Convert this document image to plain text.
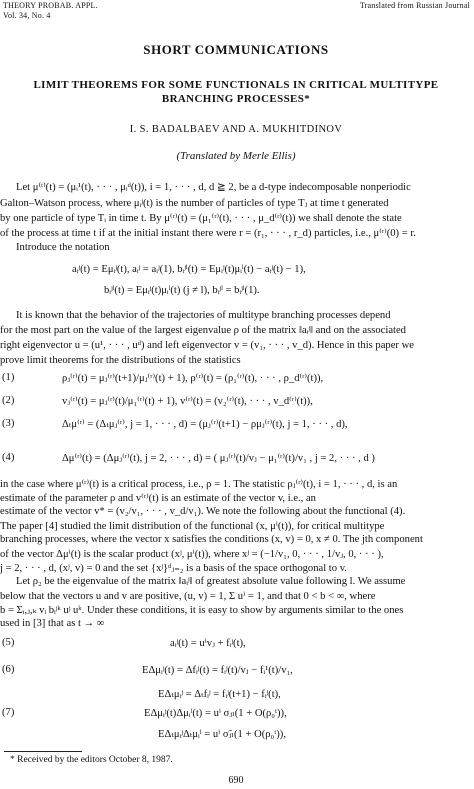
THEORY PROBAB. APPL.
Vol. 34, No. 4
Translated from Russian Journal
SHORT COMMUNICATIONS
LIMIT THEOREMS FOR SOME FUNCTIONALS IN CRITICAL MULTITYPE
BRANCHING PROCESSES*
I. S. BADALBAEV AND A. MUKHITDINOV
(Translated by Merle Ellis)
Let μ⁽ᵗ⁾(t) = (μᵢ¹(t), · · · , μᵢᵈ(t)), i = 1, · · · , d, d ≧ 2, be a d-type indecomposable nonperiodic
Galton–Watson process, where μᵢʲ(t) is the number of particles of type Tⱼ at time t generated
by one particle of type Tᵢ in time t. By μ⁽ʳ⁾(t) = (μ₁⁽ʳ⁾(t), · · · , μ_d⁽ʳ⁾(t)) we shall denote the state
of the process at time t if at the initial instant there were r = (r₁, · · · , r_d) particles, i.e., μ⁽ʳ⁾(0) = r.
Introduce the notation
aᵢʲ(t) = Eμᵢʲ(t), aᵢʲ = aᵢʲ(1), bᵢʲˡ(t) = Eμᵢʲ(t)μᵢˡ(t) − aᵢʲ(t) − 1),
bᵢʲˡ(t) = Eμᵢʲ(t)μᵢˡ(t) (j ≠ l), bᵢʲˡ = bᵢʲˡ(1).
It is known that the behavior of the trajectories of multitype branching processes depend
for the most part on the value of the largest eigenvalue ρ of the matrix ‖aᵢʲ‖ and on the associated
right eigenvector u = (u¹, · · · , uᵈ) and left eigenvector v = (v₁, · · · , v_d). Hence in this paper we
prove limit theorems for the distributions of the statistics
(1)	ρⱼ⁽ʳ⁾(t) = μⱼ⁽ʳ⁾(t+1)/μⱼ⁽ʳ⁾(t) + 1), ρ⁽ʳ⁾(t) = (ρ₁⁽ʳ⁾(t), · · · , ρ_d⁽ʳ⁾(t)),
(2)	vⱼ⁽ʳ⁾(t) = μⱼ⁽ʳ⁾(t)/μ₁⁽ʳ⁾(t) + 1), v⁽ʳ⁾(t) = (v₂⁽ʳ⁾(t), · · · , v_d⁽ʳ⁾(t)),
(3)	Δₜμ⁽ʳ⁾ = (Δₜμⱼ⁽ʳ⁾, j = 1, · · · , d) = (μⱼ⁽ʳ⁾(t+1) − ρμⱼ⁽ʳ⁾(t), j = 1, · · · , d),
(4)	Δμ⁽ʳ⁾(t) = (Δμⱼ⁽ʳ⁾(t), j = 2, · · · , d) = ( μⱼ⁽ʳ⁾(t)/vⱼ − μ₁⁽ʳ⁾(t)/v₁ , j = 2, · · · , d )
in the case where μ⁽ʳ⁾(t) is a critical process, i.e., ρ = 1. The statistic ρⱼ⁽ʳ⁾(t), i = 1, · · · , d, is an
estimate of the parameter ρ and v⁽ʳ⁾(t) is an estimate of the vector v, i.e., an
estimate of the vector v* = (v₂/v₁, · · · , v_d/v₁). We note the following about the functional (4).
The paper [4] studied the limit distribution of the functional (x, μⁱ(t)), for critical multitype
branching processes, where the vector x satisfies the conditions (x, v) = 0, x ≠ 0. The jth component
of the vector Δμⁱ(t) is the scalar product (xʲ, μⁱ(t)), where xʲ = (−1/v₁, 0, · · · , 1/vⱼ, 0, · · · ),
j = 2, · · · , d, (xʲ, v) = 0 and the set {xʲ}ᵈⱼ₌₂ is a basis of the space orthogonal to v.
Let ρ₂ be the eigenvalue of the matrix ‖aᵢʲ‖ of greatest absolute value following l. We assume
below that the vectors u and v are positive, (u, v) = 1, Σ uⁱ = 1, and that 0 < b < ∞, where
b = Σᵢ,ⱼ,ₖ vᵢ bᵢʲᵏ uʲ uᵏ. Under these conditions, it is easy to show by arguments similar to the ones
used in [3] that as t → ∞
(5)	aᵢʲ(t) = uⁱvⱼ + fᵢʲ(t),
(6)	EΔμᵢʲ(t) = Δfᵢʲ(t) = fᵢʲ(t)/vⱼ − fᵢ¹(t)/v₁,
EΔₜμᵢʲ = Δₜfᵢʲ = fᵢʲ(t+1) − fᵢʲ(t),
(7)	EΔμᵢʲ(t)Δμᵢˡ(t) = uⁱ σⱼₗ(1 + O(ρ₀ᵗ)),
EΔₜμᵢʲΔₜμᵢˡ = uⁱ σ̃ⱼₗ(1 + O(ρ₀ᵗ)),
* Received by the editors October 8, 1987.
690
